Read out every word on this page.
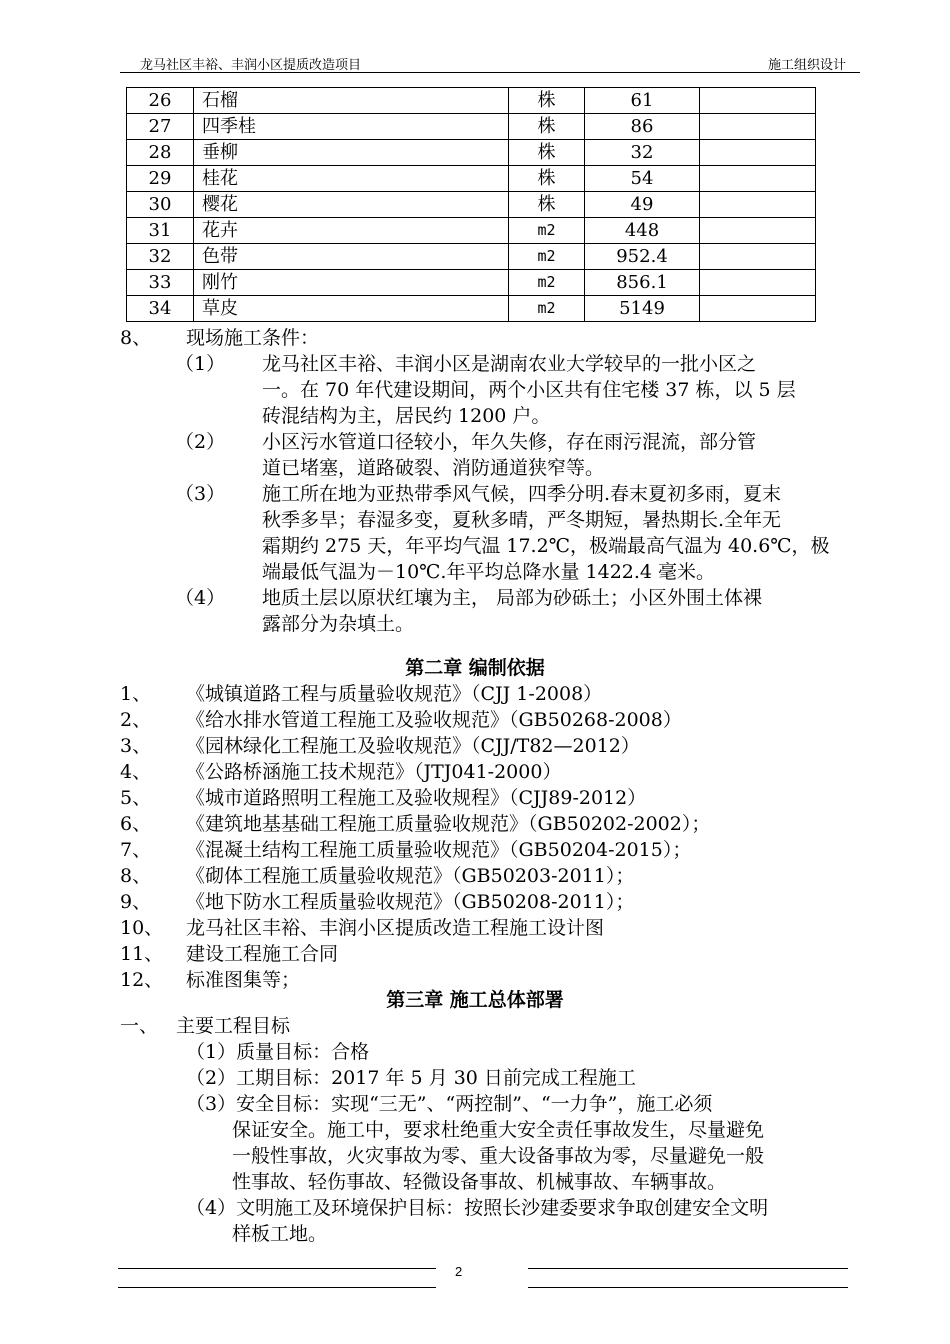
龙马社区丰裕、丰润小区提质改造项目	施工组织设计
26	石榴	株	61	
27	四季桂	株	86	
28	垂柳	株	32	
29	桂花	株	54	
30	樱花	株	49	
31	花卉	m2	448	
32	色带	m2	952.4	
33	刚竹	m2	856.1	
34	草皮	m2	5149	
8、 现场施工条件：
（1） 龙马社区丰裕、丰润小区是湖南农业大学较早的一批小区之
一。在 70 年代建设期间，两个小区共有住宅楼 37 栋，以 5 层
砖混结构为主，居民约 1200 户。
（2） 小区污水管道口径较小，年久失修，存在雨污混流，部分管
道已堵塞，道路破裂、消防通道狭窄等。
（3） 施工所在地为亚热带季风气候，四季分明.春末夏初多雨，夏末
秋季多旱；春湿多变，夏秋多晴，严冬期短，暑热期长.全年无
霜期约 275 天，年平均气温 17.2℃，极端最高气温为 40.6℃，极
端最低气温为－10℃.年平均总降水量 1422.4 毫米。
（4） 地质土层以原状红壤为主， 局部为砂砾土；小区外围土体裸
露部分为杂填土。
第二章 编制依据
1、 《城镇道路工程与质量验收规范》（CJJ 1-2008）
2、 《给水排水管道工程施工及验收规范》（GB50268-2008）
3、 《园林绿化工程施工及验收规范》（CJJ/T82—2012）
4、 《公路桥涵施工技术规范》（JTJ041-2000）
5、 《城市道路照明工程施工及验收规程》（CJJ89-2012）
6、 《建筑地基基础工程施工质量验收规范》（GB50202-2002）；
7、 《混凝土结构工程施工质量验收规范》（GB50204-2015）；
8、 《砌体工程施工质量验收规范》（GB50203-2011）；
9、 《地下防水工程质量验收规范》（GB50208-2011）；
10、 龙马社区丰裕、丰润小区提质改造工程施工设计图
11、 建设工程施工合同
12、 标准图集等；
第三章 施工总体部署
一、 主要工程目标
（1）质量目标：合格
（2）工期目标：2017 年 5 月 30 日前完成工程施工
（3）安全目标：实现“三无”、“两控制”、“一力争”，施工必须
保证安全。施工中，要求杜绝重大安全责任事故发生，尽量避免
一般性事故，火灾事故为零、重大设备事故为零，尽量避免一般
性事故、轻伤事故、轻微设备事故、机械事故、车辆事故。
（4）文明施工及环境保护目标：按照长沙建委要求争取创建安全文明
样板工地。
2
